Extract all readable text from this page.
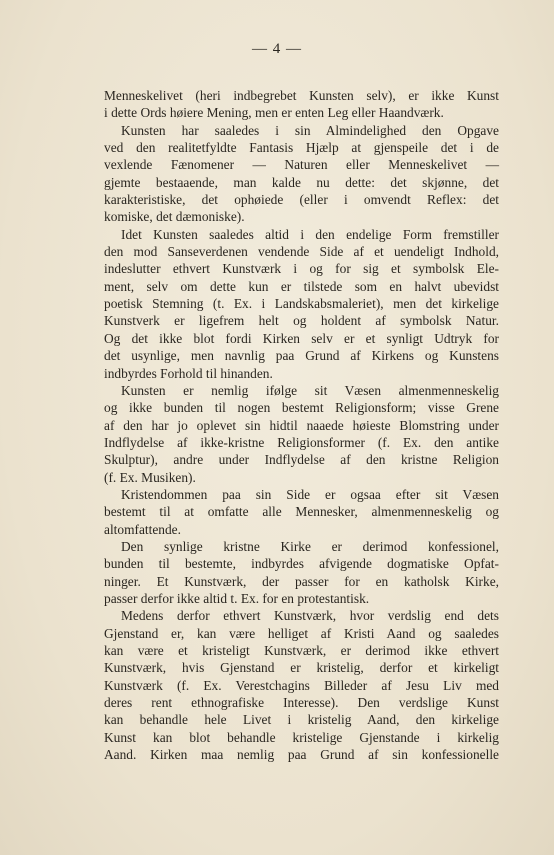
— 4 —
Menneskelivet (heri indbegrebet Kunsten selv), er ikke Kunst
i dette Ords høiere Mening, men er enten Leg eller Haandværk.
Kunsten har saaledes i sin Almindelighed den Opgave
ved den realitetfyldte Fantasis Hjælp at gjenspeile det i de
vexlende Fænomener — Naturen eller Menneskelivet —
gjemte bestaaende, man kalde nu dette: det skjønne, det
karakteristiske, det ophøiede (eller i omvendt Reflex: det
komiske, det dæmoniske).
Idet Kunsten saaledes altid i den endelige Form fremstiller
den mod Sanseverdenen vendende Side af et uendeligt Indhold,
indeslutter ethvert Kunstværk i og for sig et symbolsk Ele-
ment, selv om dette kun er tilstede som en halvt ubevidst
poetisk Stemning (t. Ex. i Landskabsmaleriet), men det kirkelige
Kunstverk er ligefrem helt og holdent af symbolsk Natur.
Og det ikke blot fordi Kirken selv er et synligt Udtryk for
det usynlige, men navnlig paa Grund af Kirkens og Kunstens
indbyrdes Forhold til hinanden.
Kunsten er nemlig ifølge sit Væsen almenmenneskelig
og ikke bunden til nogen bestemt Religionsform; visse Grene
af den har jo oplevet sin hidtil naaede høieste Blomstring under
Indflydelse af ikke-kristne Religionsformer (f. Ex. den antike
Skulptur), andre under Indflydelse af den kristne Religion
(f. Ex. Musiken).
Kristendommen paa sin Side er ogsaa efter sit Væsen
bestemt til at omfatte alle Mennesker, almenmenneskelig og
altomfattende.
Den synlige kristne Kirke er derimod konfessionel,
bunden til bestemte, indbyrdes afvigende dogmatiske Opfat-
ninger. Et Kunstværk, der passer for en katholsk Kirke,
passer derfor ikke altid t. Ex. for en protestantisk.
Medens derfor ethvert Kunstværk, hvor verdslig end dets
Gjenstand er, kan være helliget af Kristi Aand og saaledes
kan være et kristeligt Kunstværk, er derimod ikke ethvert
Kunstværk, hvis Gjenstand er kristelig, derfor et kirkeligt
Kunstværk (f. Ex. Verestchagins Billeder af Jesu Liv med
deres rent ethnografiske Interesse). Den verdslige Kunst
kan behandle hele Livet i kristelig Aand, den kirkelige
Kunst kan blot behandle kristelige Gjenstande i kirkelig
Aand. Kirken maa nemlig paa Grund af sin konfessionelle
